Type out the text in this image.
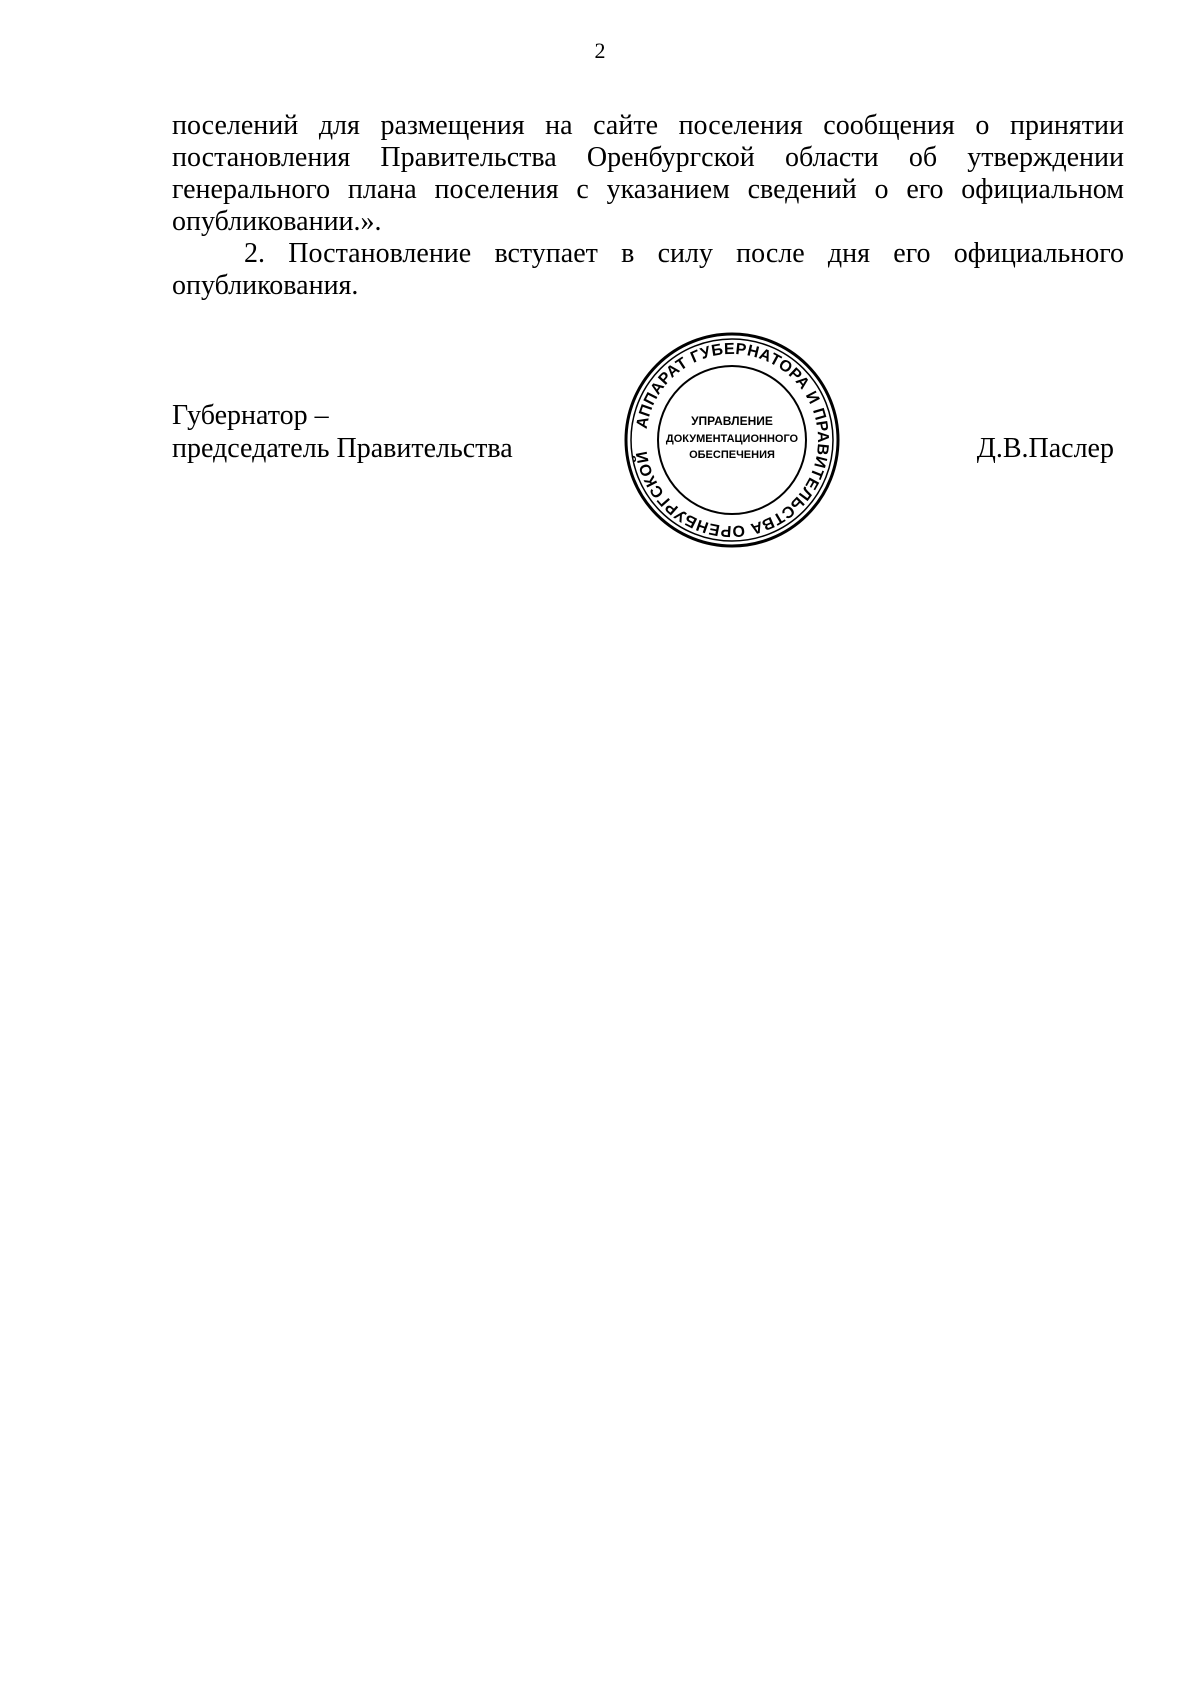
2

поселений для размещения на сайте поселения сообщения о принятии постановления Правительства Оренбургской области об утверждении генерального плана поселения с указанием сведений о его официальном опубликовании.».

2. Постановление вступает в силу после дня его официального опубликования.

Губернатор –
председатель Правительства
АППАРАТ ГУБЕРНАТОРА И ПРАВИТЕЛЬСТВА ОРЕНБУРГСКОЙ
УПРАВЛЕНИЕ
ДОКУМЕНТАЦИОННОГО
ОБЕСПЕЧЕНИЯ	Д.В.Паслер
